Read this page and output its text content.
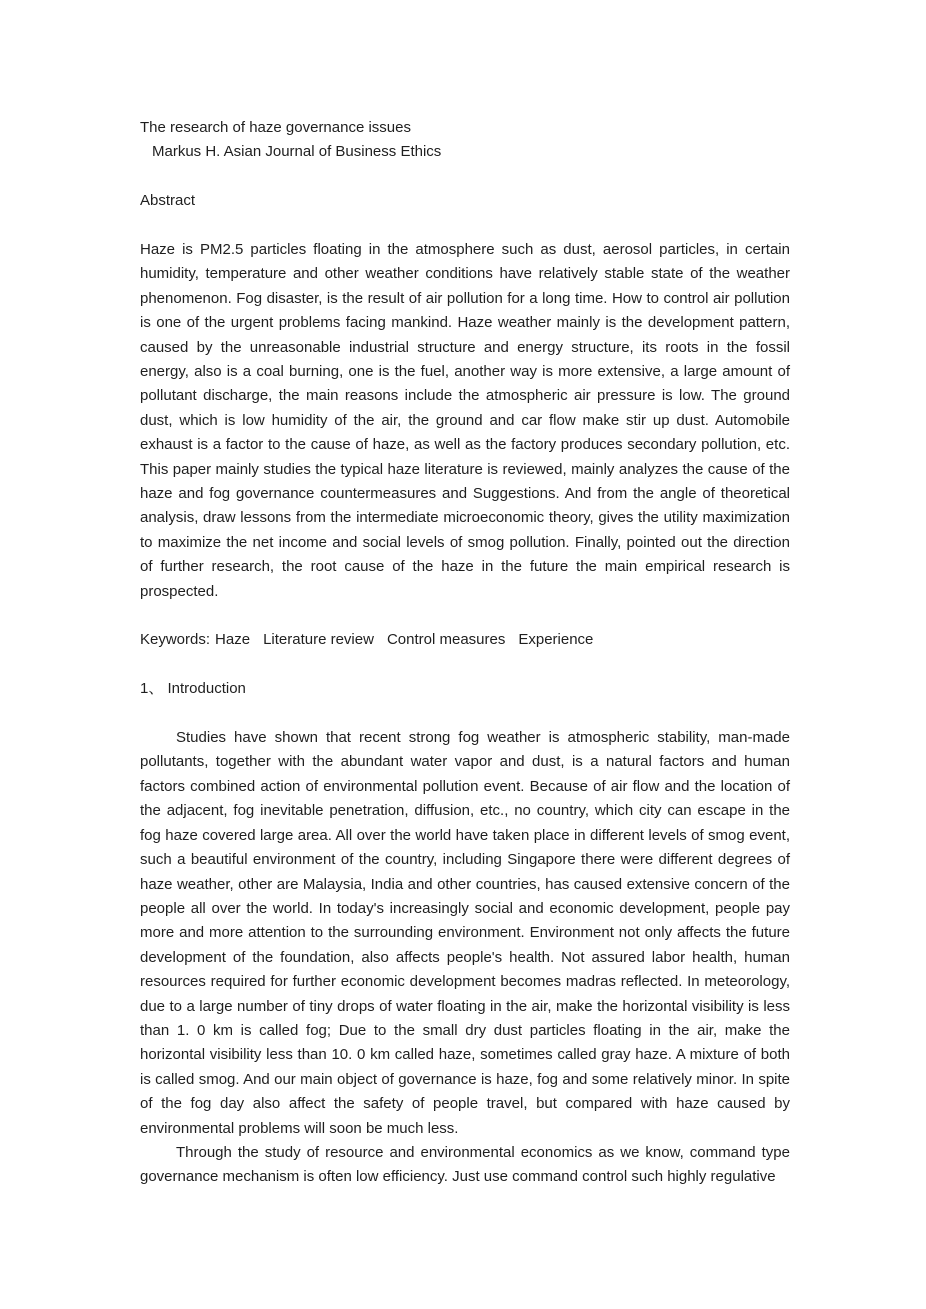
The research of haze governance issues
Markus H. Asian Journal of Business Ethics
Abstract
Haze is PM2.5 particles floating in the atmosphere such as dust, aerosol particles, in certain humidity, temperature and other weather conditions have relatively stable state of the weather phenomenon. Fog disaster, is the result of air pollution for a long time. How to control air pollution is one of the urgent problems facing mankind. Haze weather mainly is the development pattern, caused by the unreasonable industrial structure and energy structure, its roots in the fossil energy, also is a coal burning, one is the fuel, another way is more extensive, a large amount of pollutant discharge, the main reasons include the atmospheric air pressure is low. The ground dust, which is low humidity of the air, the ground and car flow make stir up dust. Automobile exhaust is a factor to the cause of haze, as well as the factory produces secondary pollution, etc. This paper mainly studies the typical haze literature is reviewed, mainly analyzes the cause of the haze and fog governance countermeasures and Suggestions. And from the angle of theoretical analysis, draw lessons from the intermediate microeconomic theory, gives the utility maximization to maximize the net income and social levels of smog pollution. Finally, pointed out the direction of further research, the root cause of the haze in the future the main empirical research is prospected.
Keywords: Haze Literature review Control measures Experience
1、 Introduction
Studies have shown that recent strong fog weather is atmospheric stability, man-made pollutants, together with the abundant water vapor and dust, is a natural factors and human factors combined action of environmental pollution event. Because of air flow and the location of the adjacent, fog inevitable penetration, diffusion, etc., no country, which city can escape in the fog haze covered large area. All over the world have taken place in different levels of smog event, such a beautiful environment of the country, including Singapore there were different degrees of haze weather, other are Malaysia, India and other countries, has caused extensive concern of the people all over the world. In today's increasingly social and economic development, people pay more and more attention to the surrounding environment. Environment not only affects the future development of the foundation, also affects people's health. Not assured labor health, human resources required for further economic development becomes madras reflected. In meteorology, due to a large number of tiny drops of water floating in the air, make the horizontal visibility is less than 1. 0 km is called fog; Due to the small dry dust particles floating in the air, make the horizontal visibility less than 10. 0 km called haze, sometimes called gray haze. A mixture of both is called smog. And our main object of governance is haze, fog and some relatively minor. In spite of the fog day also affect the safety of people travel, but compared with haze caused by environmental problems will soon be much less.
Through the study of resource and environmental economics as we know, command type governance mechanism is often low efficiency. Just use command control such highly regulative
